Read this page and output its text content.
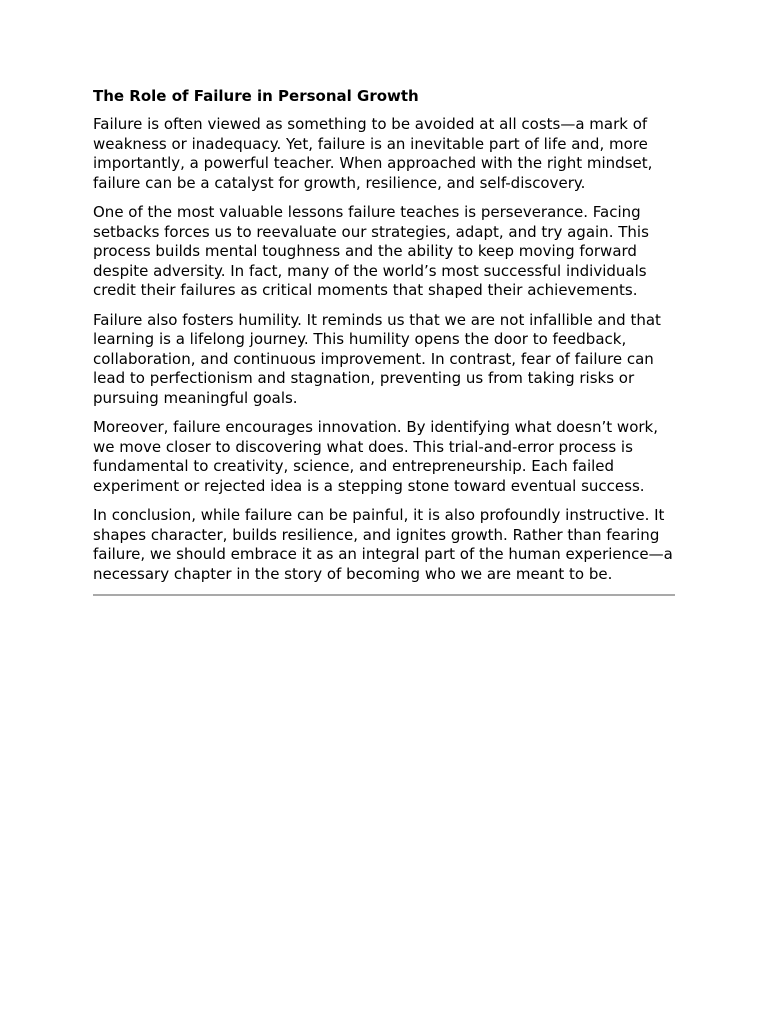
The Role of Failure in Personal Growth

Failure is often viewed as something to be avoided at all costs—a mark of weakness or inadequacy. Yet, failure is an inevitable part of life and, more importantly, a powerful teacher. When approached with the right mindset, failure can be a catalyst for growth, resilience, and self-discovery.

One of the most valuable lessons failure teaches is perseverance. Facing setbacks forces us to reevaluate our strategies, adapt, and try again. This process builds mental toughness and the ability to keep moving forward despite adversity. In fact, many of the world’s most successful individuals credit their failures as critical moments that shaped their achievements.

Failure also fosters humility. It reminds us that we are not infallible and that learning is a lifelong journey. This humility opens the door to feedback, collaboration, and continuous improvement. In contrast, fear of failure can lead to perfectionism and stagnation, preventing us from taking risks or pursuing meaningful goals.

Moreover, failure encourages innovation. By identifying what doesn’t work, we move closer to discovering what does. This trial-and-error process is fundamental to creativity, science, and entrepreneurship. Each failed experiment or rejected idea is a stepping stone toward eventual success.

In conclusion, while failure can be painful, it is also profoundly instructive. It shapes character, builds resilience, and ignites growth. Rather than fearing failure, we should embrace it as an integral part of the human experience—a necessary chapter in the story of becoming who we are meant to be.
